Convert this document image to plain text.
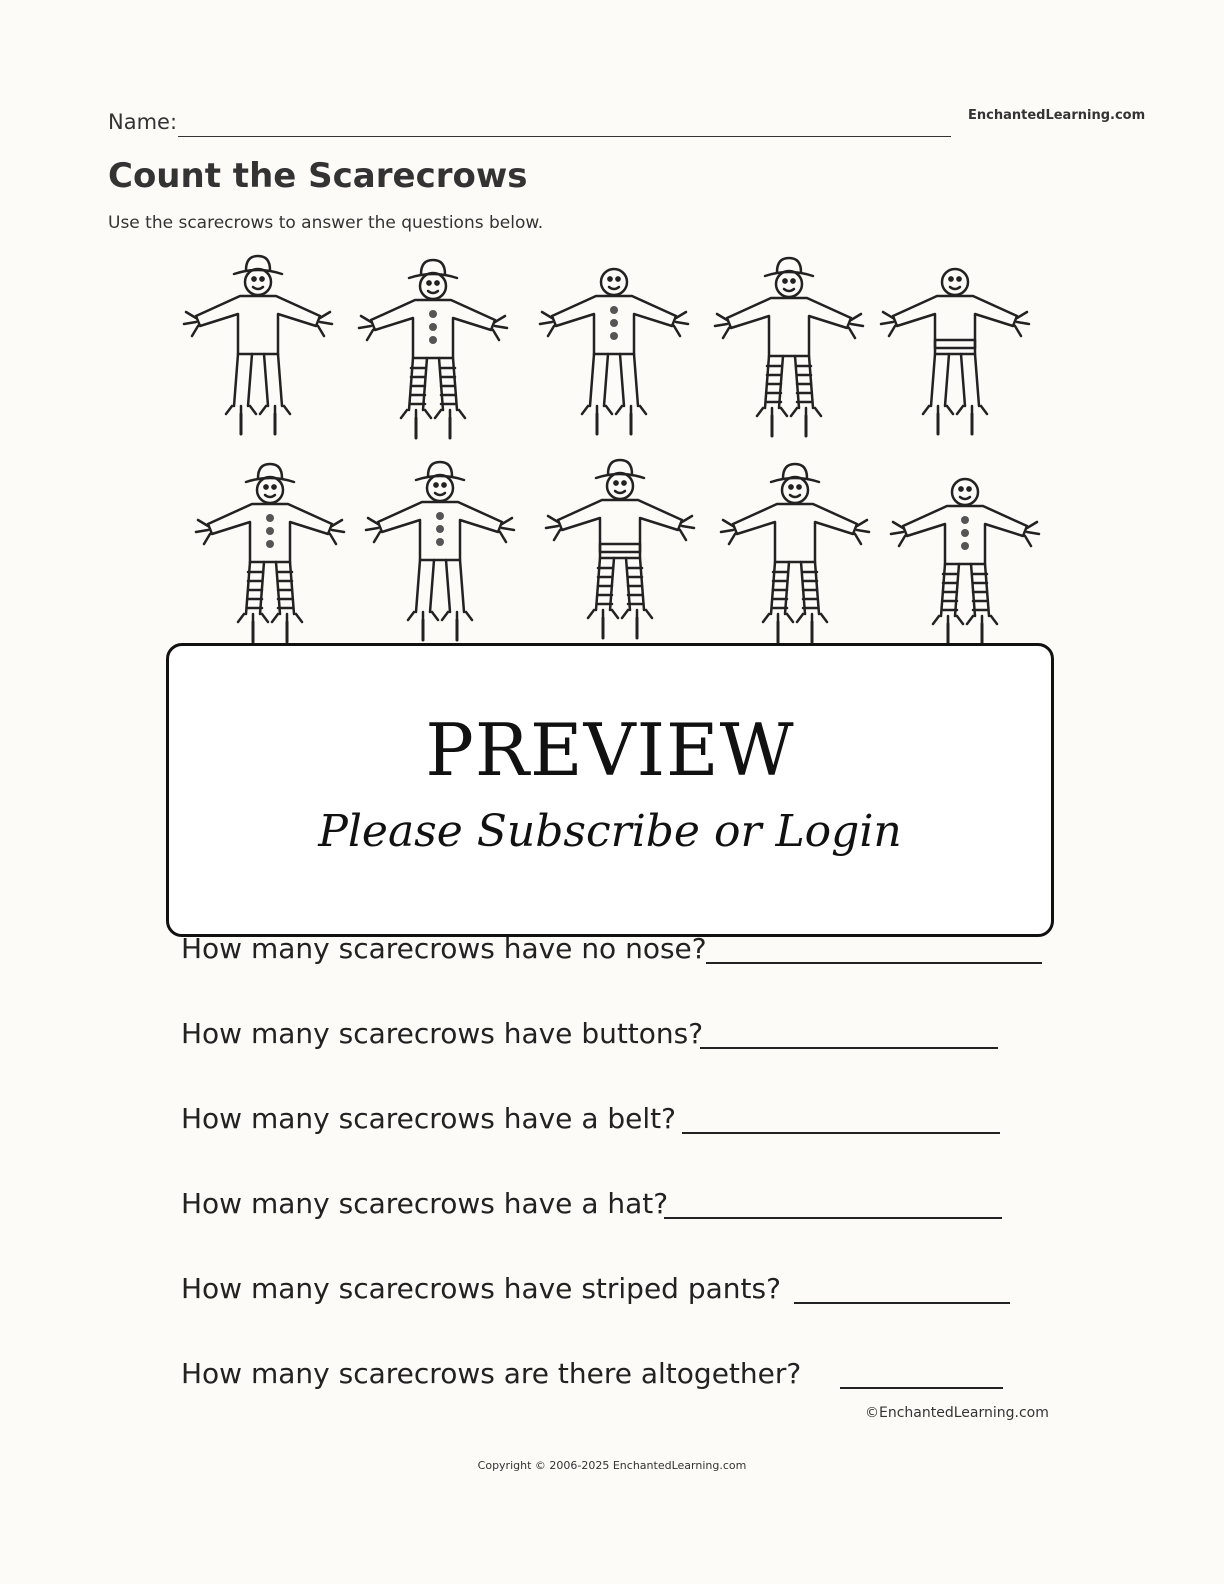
Name:	EnchantedLearning.com
Count the Scarecrows
Use the scarecrows to answer the questions below.
PREVIEW
Please Subscribe or Login
How many scarecrows have no nose?
How many scarecrows have buttons?
How many scarecrows have a belt?
How many scarecrows have a hat?
How many scarecrows have striped pants?
How many scarecrows are there altogether?
©EnchantedLearning.com
Copyright © 2006-2025 EnchantedLearning.com
